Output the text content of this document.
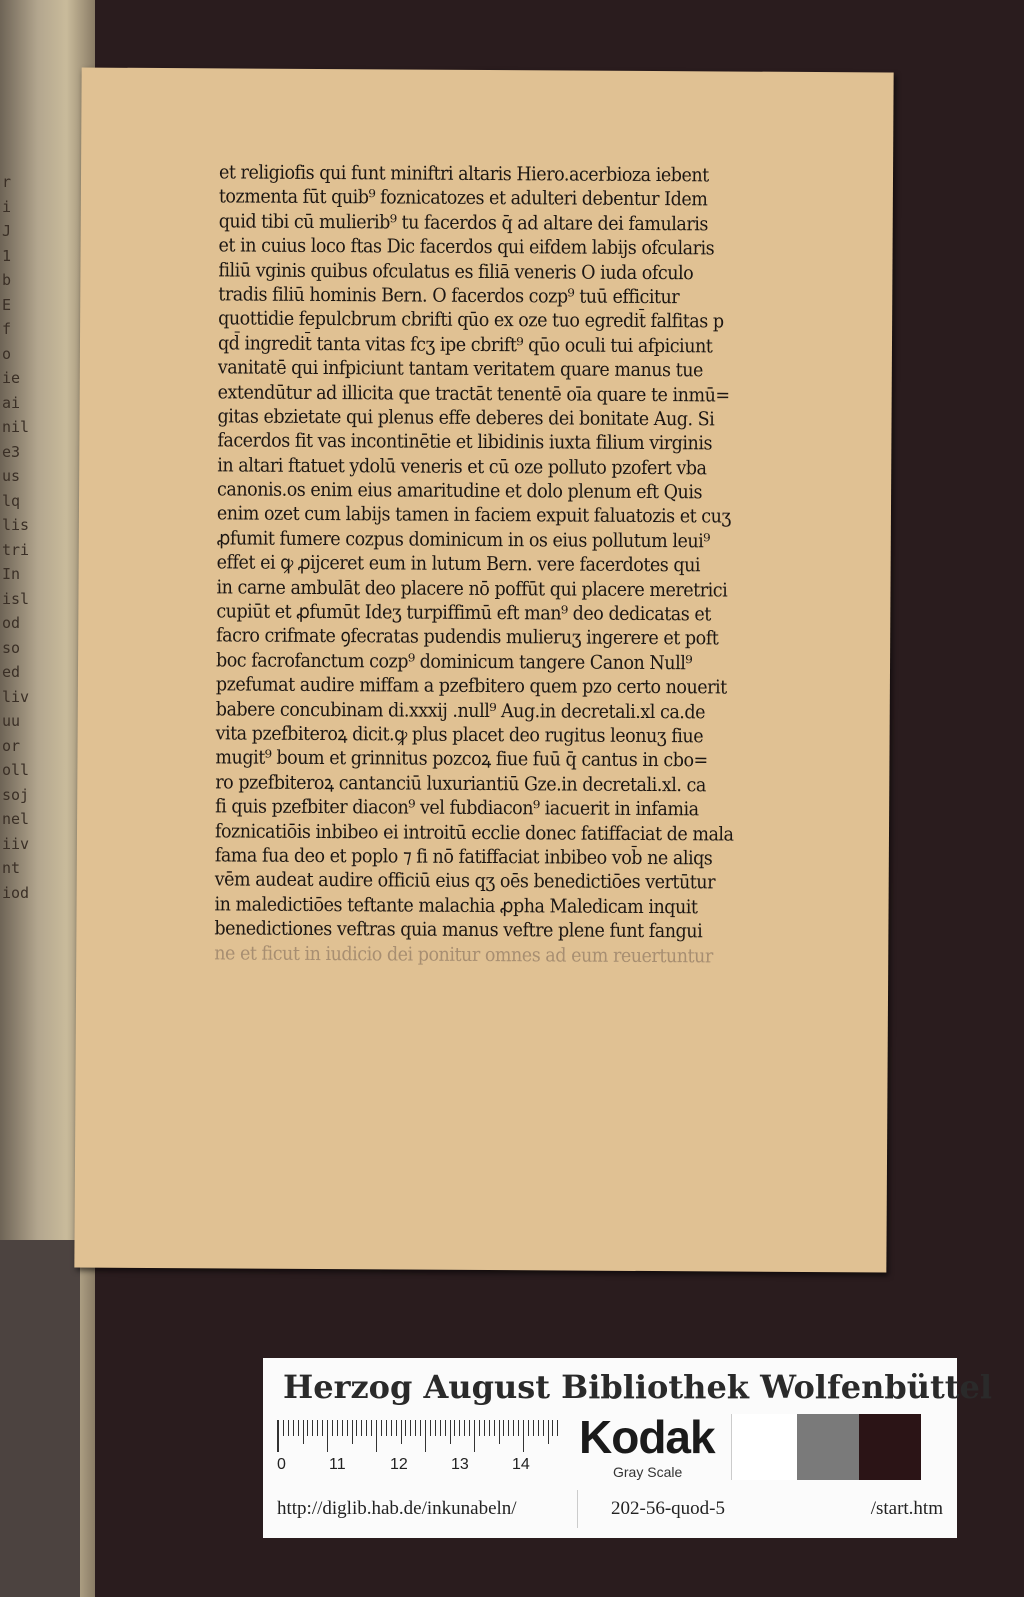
r
i
J
1
b
E
f
o
ie
ai
nil
e3
us
lq
lis
tri
In
isl
od
so
ed
liv
uu
or
oll
soj
nel
iiv
nt
iod
et religiofis qui funt miniftri altaris Hiero.acerbioza iebent
tozmenta fūt quib⁹ foznicatozes et adulteri debentur Idem
quid tibi cū mulierib⁹ tu facerdos q̄ ad altare dei famularis
et in cuius loco ftas Dic facerdos qui eifdem labijs ofcularis
filiū vginis quibus ofculatus es filiā veneris O iuda ofculo
tradis filiū hominis Bern. O facerdos cozp⁹ tuū efficitur
quottidie fepulcbrum cbrifti qūo ex oze tuo egredit̄ falfitas p
qd̄ ingredit̄ tanta vitas fcʒ ipe cbrift⁹ qūo oculi tui afpiciunt
vanitatē qui infpiciunt tantam veritatem quare manus tue
extendūtur ad illicita que tractāt tenentē oīa quare te inmū=
gitas ebzietate qui plenus effe deberes dei bonitate Aug. Si
facerdos fit vas incontinētie et libidinis iuxta filium virginis
in altari ftatuet ydolū veneris et cū oze polluto pzofert vba
canonis.os enim eius amaritudine et dolo plenum eft Quis
enim ozet cum labijs tamen in faciem expuit faluatozis et cuʒ
ꝓfumit fumere cozpus dominicum in os eius pollutum leui⁹
effet ei ꝙ ꝓijceret eum in lutum Bern. vere facerdotes qui
in carne ambulāt deo placere nō poffūt qui placere meretrici
cupiūt et ꝓfumūt Ideʒ turpiffimū eft man⁹ deo dedicatas et
facro crifmate ꝯfecratas pudendis mulieruʒ ingerere et poft
boc facrofanctum cozp⁹ dominicum tangere Canon Null⁹
pzefumat audire miffam a pzefbitero quem pzo certo nouerit
babere concubinam di.xxxij .null⁹ Aug.in decretali.xl ca.de
vita pzefbiteroꝝ dicit.ꝙ plus placet deo rugitus leonuʒ fiue
mugit⁹ boum et grinnitus pozcoꝝ fiue fuū q̄ cantus in cbo=
ro pzefbiteroꝝ cantanciū luxuriantiū Gze.in decretali.xl. ca
fi quis pzefbiter diacon⁹ vel fubdiacon⁹ iacuerit in infamia
foznicatiōis inbibeo ei introitū ecclie donec fatiffaciat de mala
fama fua deo et poplo ⁊ fi nō fatiffaciat inbibeo vob̄ ne aliqs
vēm audeat audire officiū eius qʒ oēs benedictiōes vertūtur
in maledictiōes teftante malachia ꝓpha Maledicam inquit
benedictiones veftras quia manus veftre plene funt fangui
ne et ficut in iudicio dei ponitur omnes ad eum reuertuntur
Herzog August Bibliothek Wolfenbüttel
0	11	12	13	14
Kodak
Gray Scale
http://diglib.hab.de/inkunabeln/	202-56-quod-5	/start.htm
